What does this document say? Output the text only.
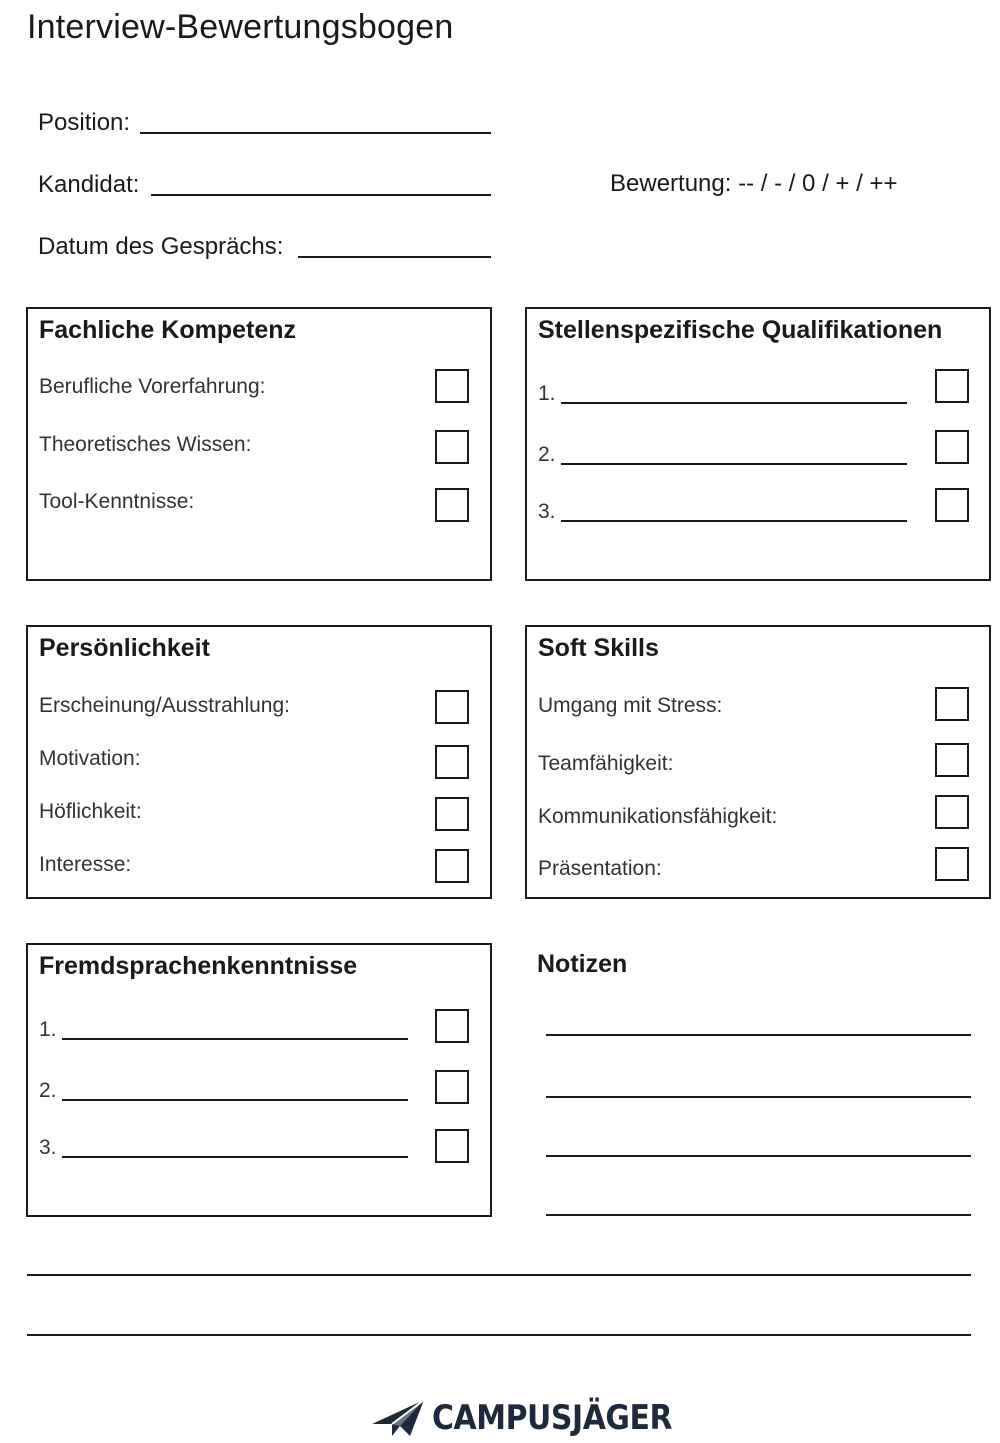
Interview-Bewertungsbogen
Position:
Kandidat:
Datum des Gesprächs:
Bewertung: -- / - / 0 / + / ++
Fachliche Kompetenz
Berufliche Vorerfahrung:
Theoretisches Wissen:
Tool-Kenntnisse:
Stellenspezifische Qualifikationen
1.
2.
3.
Persönlichkeit
Erscheinung/Ausstrahlung:
Motivation:
Höflichkeit:
Interesse:
Soft Skills
Umgang mit Stress:
Teamfähigkeit:
Kommunikationsfähigkeit:
Präsentation:
Fremdsprachenkenntnisse
1.
2.
3.
Notizen
CAMPUSJÄGER
